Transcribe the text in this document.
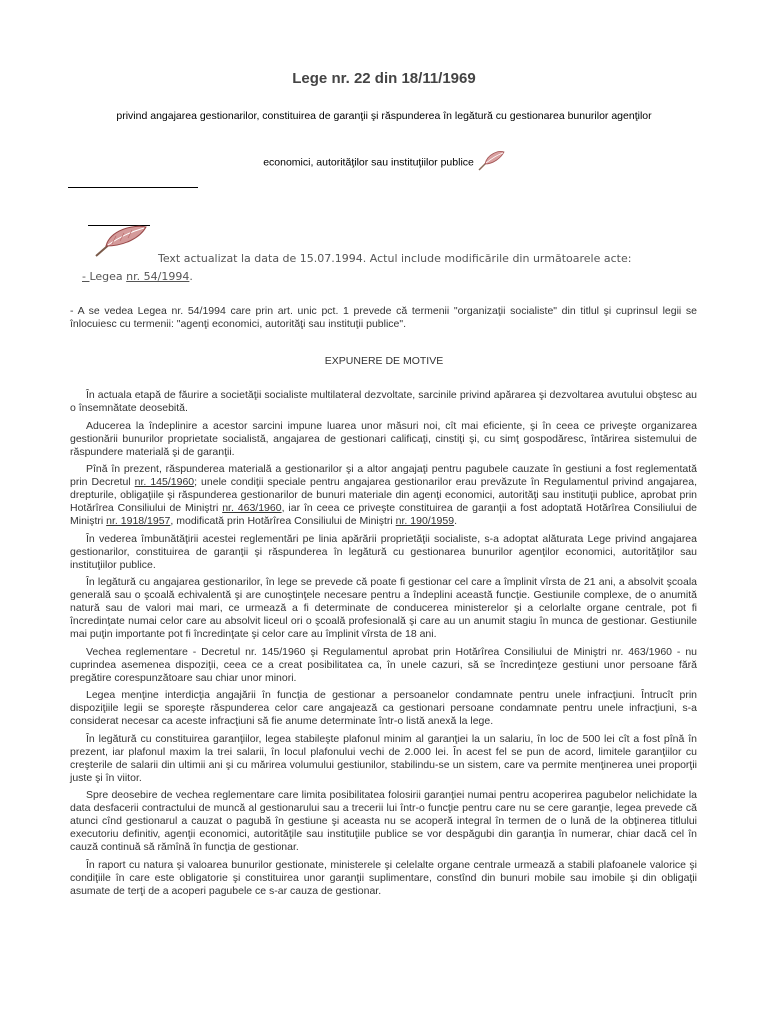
Lege nr. 22 din 18/11/1969
privind angajarea gestionarilor, constituirea de garanţii şi răspunderea în legătură cu gestionarea bunurilor agenţilor
economici, autorităţilor sau instituţiilor publice
Text actualizat la data de 15.07.1994. Actul include modificările din următoarele acte:
- Legea nr. 54/1994.
- A se vedea Legea nr. 54/1994 care prin art. unic pct. 1 prevede că termenii "organizaţii socialiste" din titlul şi cuprinsul legii se înlocuiesc cu termenii: "agenţi economici, autorităţi sau instituţii publice".
EXPUNERE DE MOTIVE

În actuala etapă de făurire a societăţii socialiste multilateral dezvoltate, sarcinile privind apărarea şi dezvoltarea avutului obştesc au o însemnătate deosebită.

Aducerea la îndeplinire a acestor sarcini impune luarea unor măsuri noi, cît mai eficiente, şi în ceea ce priveşte organizarea gestionării bunurilor proprietate socialistă, angajarea de gestionari calificaţi, cinstiţi şi, cu simţ gospodăresc, întărirea sistemului de răspundere materială şi de garanţii.

Pînă în prezent, răspunderea materială a gestionarilor şi a altor angajaţi pentru pagubele cauzate în gestiuni a fost reglementată prin Decretul nr. 145/1960; unele condiţii speciale pentru angajarea gestionarilor erau prevăzute în Regulamentul privind angajarea, drepturile, obligaţiile şi răspunderea gestionarilor de bunuri materiale din agenţi economici, autorităţi sau instituţii publice, aprobat prin Hotărîrea Consiliului de Miniştri nr. 463/1960, iar în ceea ce priveşte constituirea de garanţii a fost adoptată Hotărîrea Consiliului de Miniştri nr. 1918/1957, modificată prin Hotărîrea Consiliului de Miniştri nr. 190/1959.

În vederea îmbunătăţirii acestei reglementări pe linia apărării proprietăţii socialiste, s-a adoptat alăturata Lege privind angajarea gestionarilor, constituirea de garanţii şi răspunderea în legătură cu gestionarea bunurilor agenţilor economici, autorităţilor sau instituţiilor publice.

În legătură cu angajarea gestionarilor, în lege se prevede că poate fi gestionar cel care a împlinit vîrsta de 21 ani, a absolvit şcoala generală sau o şcoală echivalentă şi are cunoştinţele necesare pentru a îndeplini această funcţie. Gestiunile complexe, de o anumită natură sau de valori mai mari, ce urmează a fi determinate de conducerea ministerelor şi a celorlalte organe centrale, pot fi încredinţate numai celor care au absolvit liceul ori o şcoală profesională şi care au un anumit stagiu în munca de gestionar. Gestiunile mai puţin importante pot fi încredinţate şi celor care au împlinit vîrsta de 18 ani.

Vechea reglementare - Decretul nr. 145/1960 şi Regulamentul aprobat prin Hotărîrea Consiliului de Miniştri nr. 463/1960 - nu cuprindea asemenea dispoziţii, ceea ce a creat posibilitatea ca, în unele cazuri, să se încredinţeze gestiuni unor persoane fără pregătire corespunzătoare sau chiar unor minori.

Legea menţine interdicţia angajării în funcţia de gestionar a persoanelor condamnate pentru unele infracţiuni. Întrucît prin dispoziţiile legii se sporeşte răspunderea celor care angajează ca gestionari persoane condamnate pentru unele infracţiuni, s-a considerat necesar ca aceste infracţiuni să fie anume determinate într-o listă anexă la lege.

În legătură cu constituirea garanţiilor, legea stabileşte plafonul minim al garanţiei la un salariu, în loc de 500 lei cît a fost pînă în prezent, iar plafonul maxim la trei salarii, în locul plafonului vechi de 2.000 lei. În acest fel se pun de acord, limitele garanţiilor cu creşterile de salarii din ultimii ani şi cu mărirea volumului gestiunilor, stabilindu-se un sistem, care va permite menţinerea unei proporţii juste şi în viitor.

Spre deosebire de vechea reglementare care limita posibilitatea folosirii garanţiei numai pentru acoperirea pagubelor nelichidate la data desfacerii contractului de muncă al gestionarului sau a trecerii lui într-o funcţie pentru care nu se cere garanţie, legea prevede că atunci cînd gestionarul a cauzat o pagubă în gestiune şi aceasta nu se acoperă integral în termen de o lună de la obţinerea titlului executoriu definitiv, agenţii economici, autorităţile sau instituţiile publice se vor despăgubi din garanţia în numerar, chiar dacă cel în cauză continuă să rămînă în funcţia de gestionar.

În raport cu natura şi valoarea bunurilor gestionate, ministerele şi celelalte organe centrale urmează a stabili plafoanele valorice şi condiţiile în care este obligatorie şi constituirea unor garanţii suplimentare, constînd din bunuri mobile sau imobile şi din obligaţii asumate de terţi de a acoperi pagubele ce s-ar cauza de gestionar.
